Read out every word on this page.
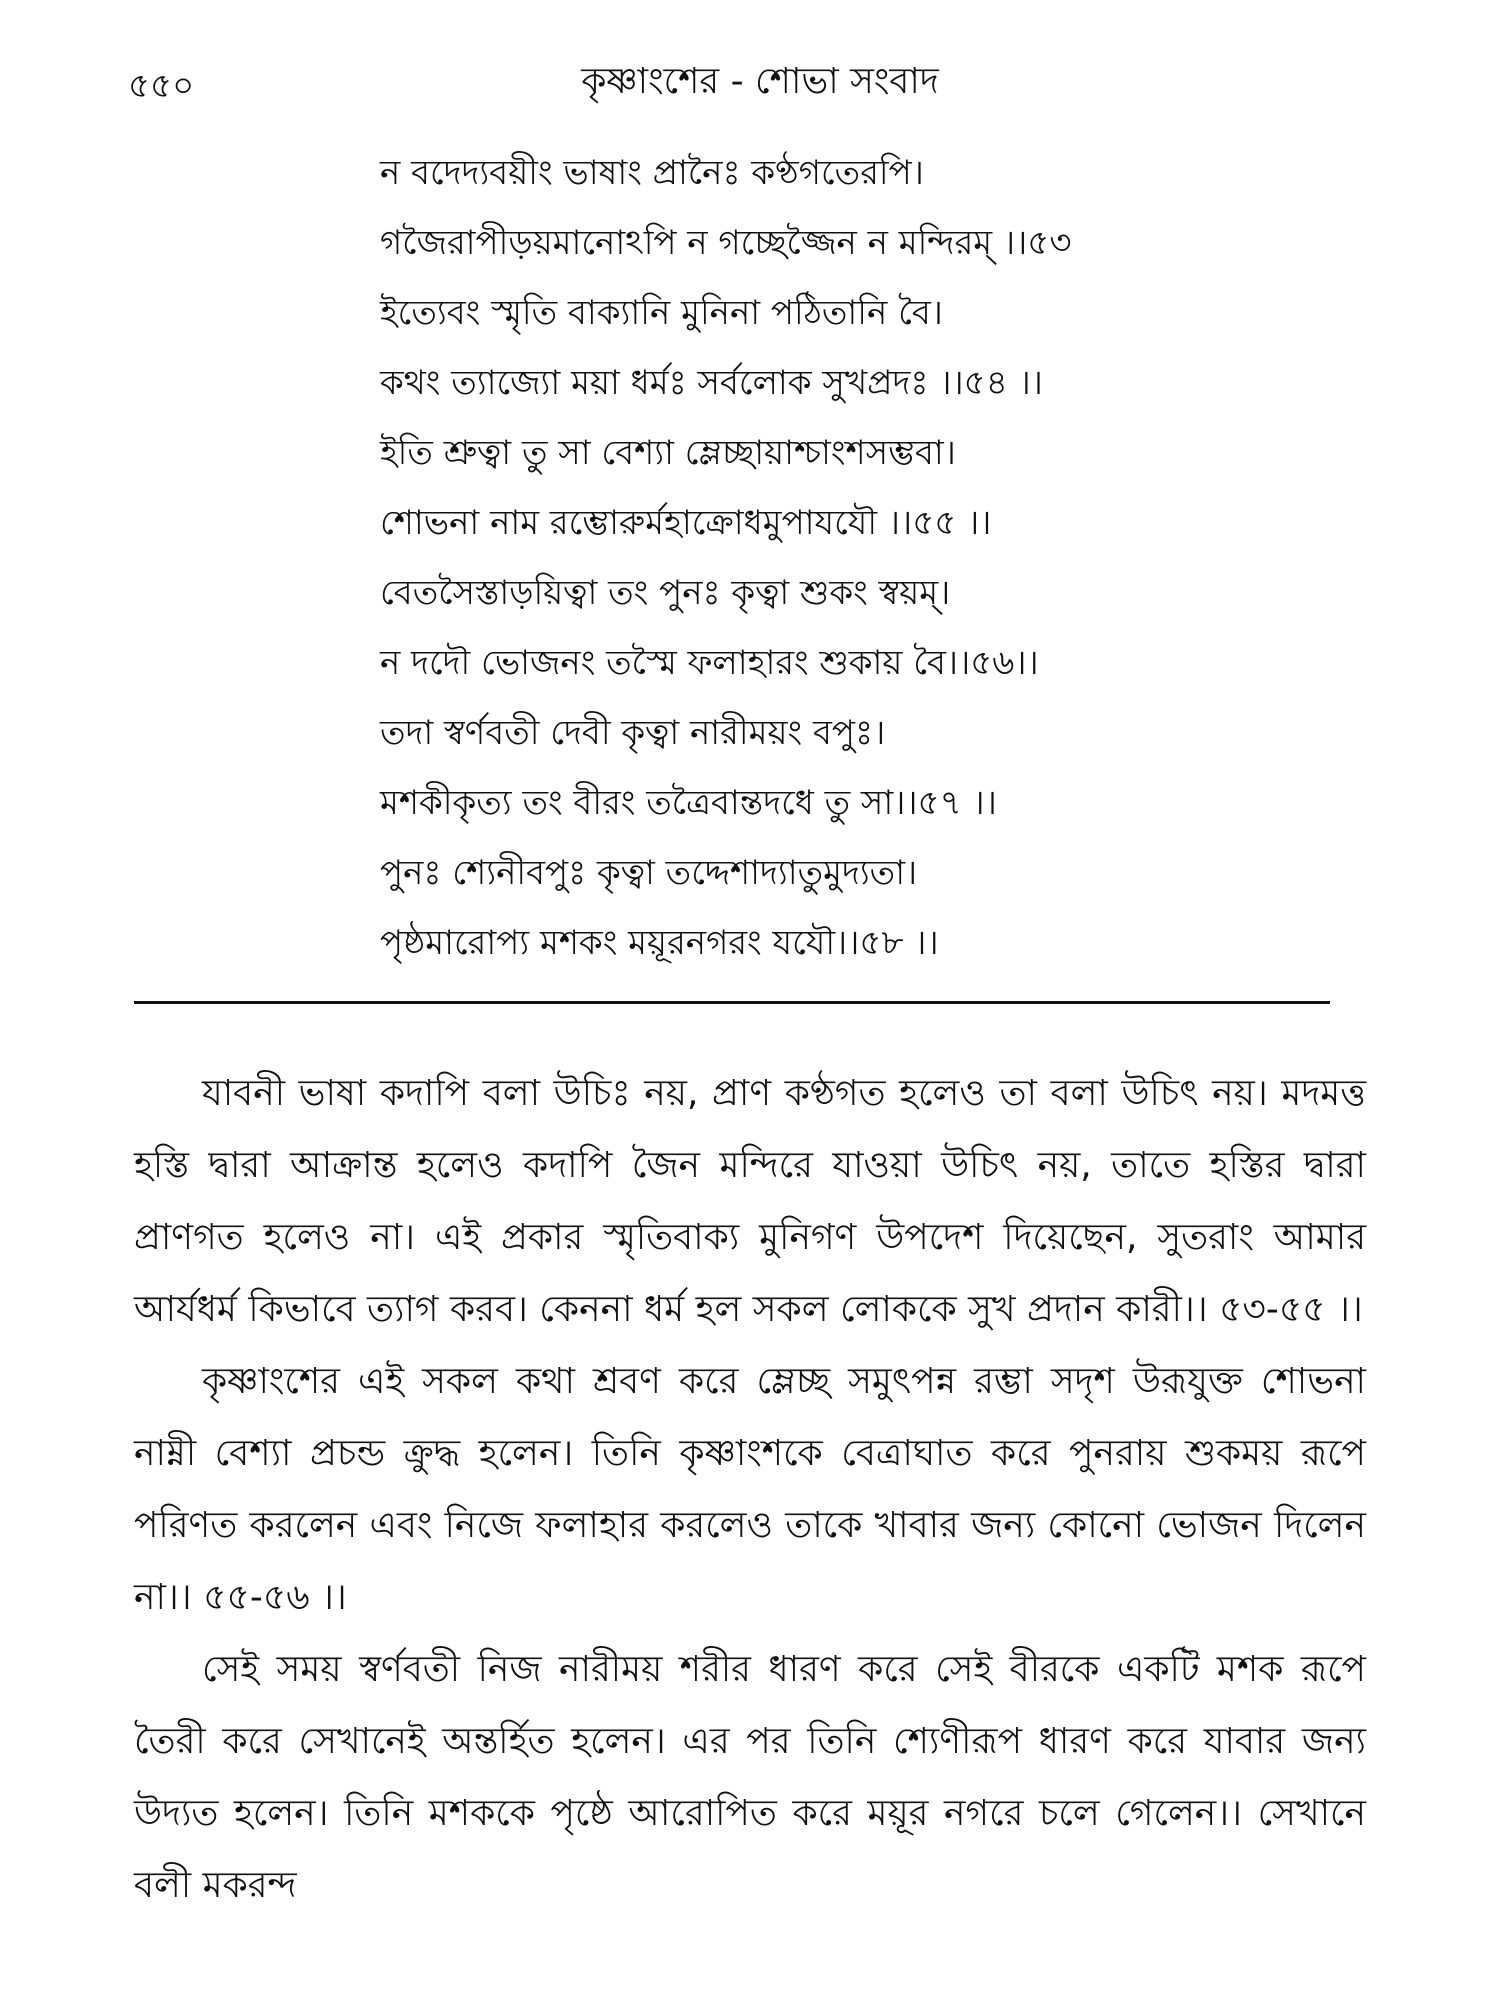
৫৫০	কৃষ্ণাংশের - শোভা সংবাদ
ন বদেদ্যবয়ীং ভাষাং প্রানৈঃ কণ্ঠগতেরপি।
গজৈরাপীড়য়মানোঽপি ন গচ্ছেজ্জৈন ন মন্দিরম্ ।।৫৩
ইত্যেবং স্মৃতি বাক্যানি মুনিনা পঠিতানি বৈ।
কথং ত্যাজ্যো ময়া ধর্মঃ সর্বলোক সুখপ্রদঃ ।।৫৪ ।।
ইতি শ্রুত্বা তু সা বেশ্যা ম্লেচ্ছায়াশ্চাংশসম্ভবা।
শোভনা নাম রম্ভোরুর্মহাক্রোধমুপাযযৌ ।।৫৫ ।।
বেতসৈস্তাড়য়িত্বা তং পুনঃ কৃত্বা শুকং স্বয়ম্।
ন দদৌ ভোজনং তস্মৈ ফলাহারং শুকায় বৈ।।৫৬।।
তদা স্বর্ণবতী দেবী কৃত্বা নারীময়ং বপুঃ।
মশকীকৃত্য তং বীরং তত্রৈবান্তদধে তু সা।।৫৭ ।।
পুনঃ শ্যেনীবপুঃ কৃত্বা তদ্দেশাদ্যাতুমুদ্যতা।
পৃষ্ঠমারোপ্য মশকং ময়ূরনগরং যযৌ।।৫৮ ।।

যাবনী ভাষা কদাপি বলা উচিঃ নয়, প্রাণ কণ্ঠগত হলেও তা বলা উচিৎ নয়। মদমত্ত হস্তি দ্বারা আক্রান্ত হলেও কদাপি জৈন মন্দিরে যাওয়া উচিৎ নয়, তাতে হস্তির দ্বারা প্রাণগত হলেও না। এই প্রকার স্মৃতিবাক্য মুনিগণ উপদেশ দিয়েছেন, সুতরাং আমার আর্যধর্ম কিভাবে ত্যাগ করব। কেননা ধর্ম হল সকল লোককে সুখ প্রদান কারী।। ৫৩-৫৫ ।।

কৃষ্ণাংশের এই সকল কথা শ্রবণ করে ম্লেচ্ছ সমুৎপন্ন রম্ভা সদৃশ উরূযুক্ত শোভনা নাম্নী বেশ্যা প্রচন্ড ক্রুদ্ধ হলেন। তিনি কৃষ্ণাংশকে বেত্রাঘাত করে পুনরায় শুকময় রূপে পরিণত করলেন এবং নিজে ফলাহার করলেও তাকে খাবার জন্য কোনো ভোজন দিলেন না।। ৫৫-৫৬ ।।

সেই সময় স্বর্ণবতী নিজ নারীময় শরীর ধারণ করে সেই বীরকে একটি মশক রূপে তৈরী করে সেখানেই অন্তর্হিত হলেন। এর পর তিনি শ্যেণীরূপ ধারণ করে যাবার জন্য উদ্যত হলেন। তিনি মশককে পৃষ্ঠে আরোপিত করে ময়ূর নগরে চলে গেলেন।। সেখানে বলী মকরন্দ
